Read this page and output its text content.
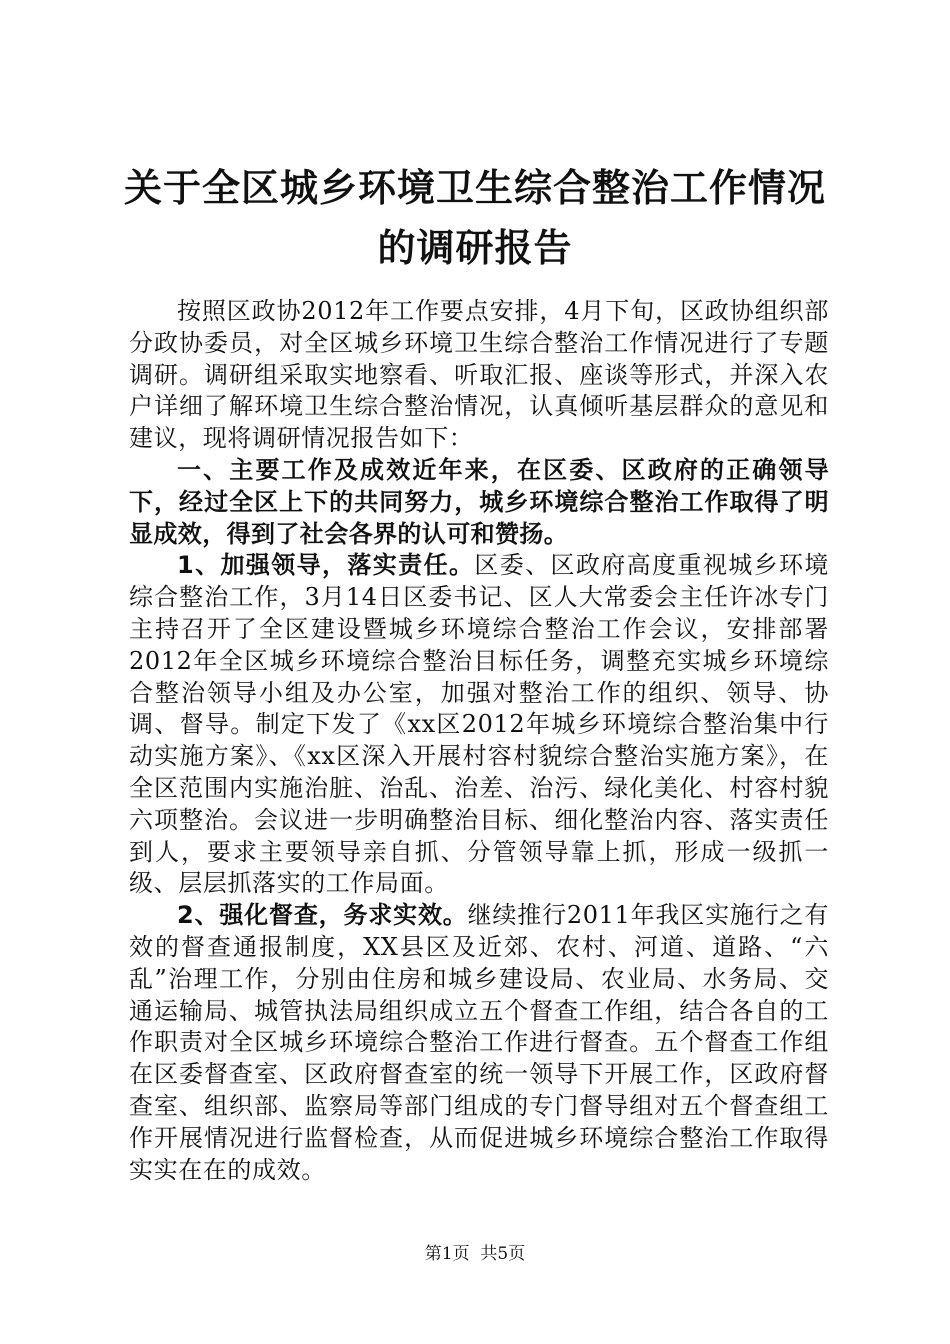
关于全区城乡环境卫生综合整治工作情况的调研报告

按照区政协2012年工作要点安排，4月下旬，区政协组织部分政协委员，对全区城乡环境卫生综合整治工作情况进行了专题调研。调研组采取实地察看、听取汇报、座谈等形式，并深入农户详细了解环境卫生综合整治情况，认真倾听基层群众的意见和建议，现将调研情况报告如下：

一、主要工作及成效近年来，在区委、区政府的正确领导下，经过全区上下的共同努力，城乡环境综合整治工作取得了明显成效，得到了社会各界的认可和赞扬。

1、加强领导，落实责任。区委、区政府高度重视城乡环境综合整治工作，3月14日区委书记、区人大常委会主任许冰专门主持召开了全区建设暨城乡环境综合整治工作会议，安排部署2012年全区城乡环境综合整治目标任务，调整充实城乡环境综合整治领导小组及办公室，加强对整治工作的组织、领导、协调、督导。制定下发了《xx区2012年城乡环境综合整治集中行动实施方案》、《xx区深入开展村容村貌综合整治实施方案》，在全区范围内实施治脏、治乱、治差、治污、绿化美化、村容村貌六项整治。会议进一步明确整治目标、细化整治内容、落实责任到人，要求主要领导亲自抓、分管领导靠上抓，形成一级抓一级、层层抓落实的工作局面。

2、强化督查，务求实效。继续推行2011年我区实施行之有效的督查通报制度，XX县区及近郊、农村、河道、道路、“六乱”治理工作，分别由住房和城乡建设局、农业局、水务局、交通运输局、城管执法局组织成立五个督查工作组，结合各自的工作职责对全区城乡环境综合整治工作进行督查。五个督查工作组在区委督查室、区政府督查室的统一领导下开展工作，区政府督查室、组织部、监察局等部门组成的专门督导组对五个督查组工作开展情况进行监督检查，从而促进城乡环境综合整治工作取得实实在在的成效。

第1页 共5页
